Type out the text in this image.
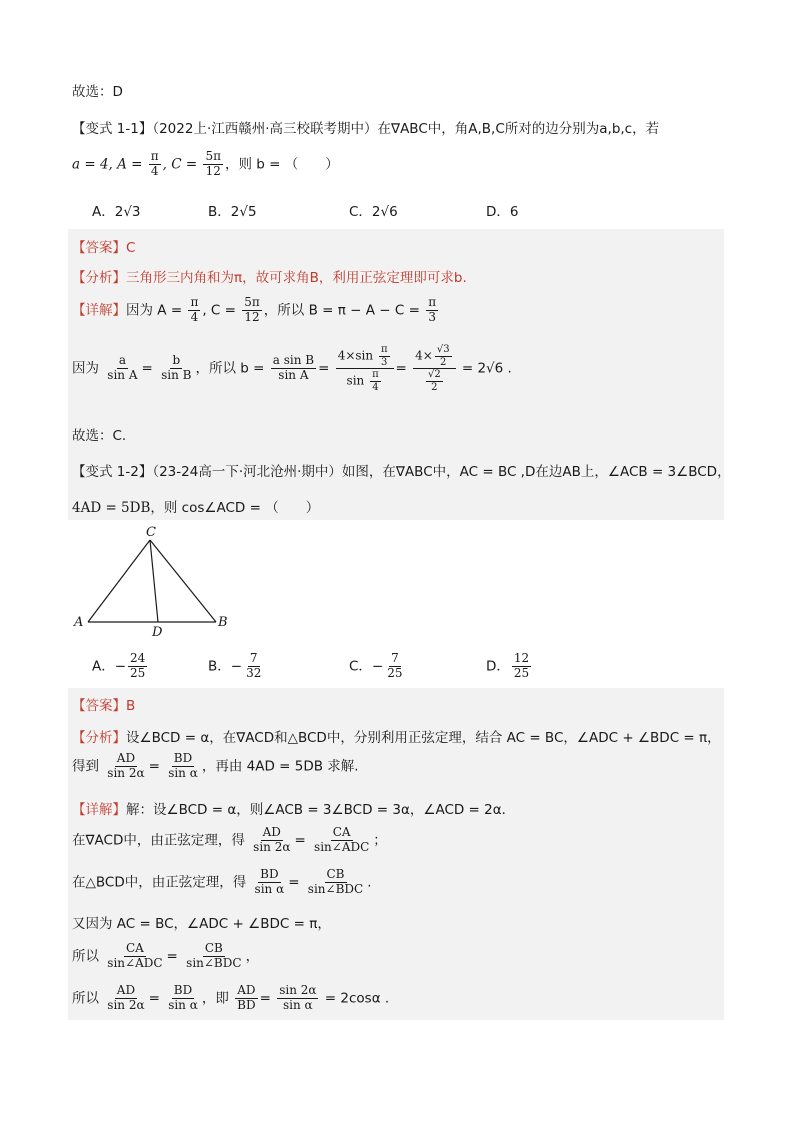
故选：D
【变式 1-1】（2022上·江西赣州·高三校联考期中）在∇ABC中，角A,B,C所对的边分别为a,b,c，若
a = 4, $A = \frac{\pi}{4}$ , $C = \frac{5\pi}{12}$ ，则 b = （　　）
A．2√3	B．2√5	C．2√6	D．6
【答案】C
【分析】三角形三内角和为π，故可求角B，利用正弦定理即可求b.
【详解】因为 $A = \frac{\pi}{4}$ , $C = \frac{5\pi}{12}$ ，所以 $B = \pi - A - C = \frac{\pi}{3}$
因为 $\frac{a}{\text{sin A}} = \frac{b}{\text{sin B}}$ ，所以 $b = \frac{\text{a sin B}}{\text{sin A}} = \frac{4\times\sin \frac{\pi}{3}}{\sin \frac{\pi}{4}} = \frac{4\times \frac{√3}{2}}{\frac{√2}{2}} = 2√6$ .
故选：C.
【变式 1-2】（23-24高一下·河北沧州·期中）如图，在∇ABC中，AC = BC ,D在边AB上，∠ACB = 3∠BCD，
4AD = 5DB，则 cos∠ACD = （　　）
C
A
D
B
A．− $\frac{24}{25}$	B．− $\frac{7}{32}$	C．− $\frac{7}{25}$	D． $\frac{12}{25}$
【答案】B
【分析】设∠BCD = α，在∇ACD和△BCD中，分别利用正弦定理，结合 AC = BC，∠ADC + ∠BDC = π，
得到 $\frac{AD}{\sin 2\alpha} = \frac{BD}{\text{sin α}}$ ，再由 4AD = 5DB 求解.
【详解】解：设∠BCD = α，则∠ACB = 3∠BCD = 3α，∠ACD = 2α．
在∇ACD中，由正弦定理，得 $\frac{AD}{\sin 2\alpha} = \frac{CA}{\text{sin∠ADC}}$ ；
在△BCD中，由正弦定理，得 $\frac{BD}{\text{sin α}} = \frac{CB}{\text{sin∠BDC}}$ .
又因为 AC = BC，∠ADC + ∠BDC = π，
所以 $\frac{CA}{\text{sin∠ADC}} = \frac{CB}{\text{sin∠BDC}}$ ，
所以 $\frac{AD}{\sin 2\alpha} = \frac{BD}{\text{sin α}}$ ，即 $\frac{AD}{BD} = \frac{\sin 2\alpha}{\text{sin α}} = 2\cos\alpha$ .
